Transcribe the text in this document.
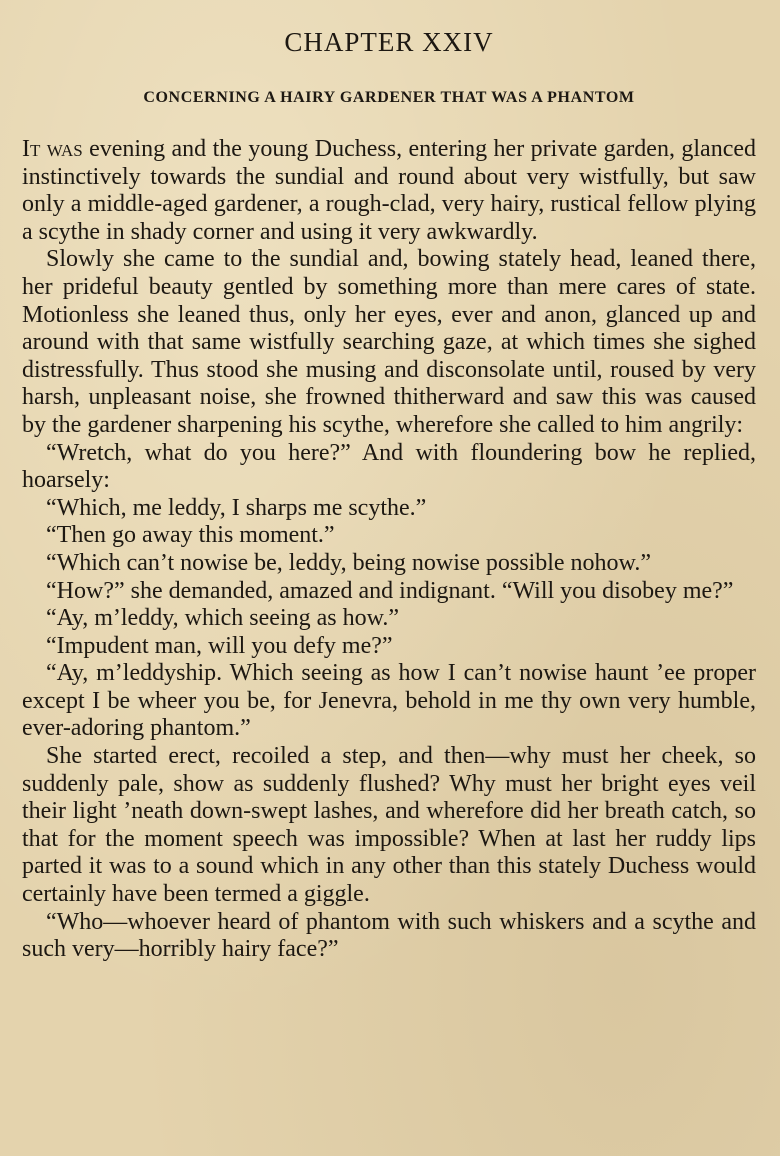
CHAPTER XXIV
CONCERNING A HAIRY GARDENER THAT WAS A PHANTOM

It was evening and the young Duchess, entering her private garden, glanced instinctively towards the sundial and round about very wistfully, but saw only a middle-aged gardener, a rough-clad, very hairy, rustical fellow plying a scythe in shady corner and using it very awkwardly.

Slowly she came to the sundial and, bowing stately head, leaned there, her prideful beauty gentled by something more than mere cares of state. Motionless she leaned thus, only her eyes, ever and anon, glanced up and around with that same wistfully searching gaze, at which times she sighed distressfully. Thus stood she musing and disconsolate until, roused by very harsh, unpleasant noise, she frowned thitherward and saw this was caused by the gardener sharpening his scythe, wherefore she called to him angrily:

“Wretch, what do you here?” And with floundering bow he replied, hoarsely:

“Which, me leddy, I sharps me scythe.”

“Then go away this moment.”

“Which can’t nowise be, leddy, being nowise possible nohow.”

“How?” she demanded, amazed and indignant. “Will you disobey me?”

“Ay, m’leddy, which seeing as how.”

“Impudent man, will you defy me?”

“Ay, m’leddyship. Which seeing as how I can’t nowise haunt ’ee proper except I be wheer you be, for Jenevra, behold in me thy own very humble, ever-adoring phantom.”

She started erect, recoiled a step, and then—why must her cheek, so suddenly pale, show as suddenly flushed? Why must her bright eyes veil their light ’neath down-swept lashes, and wherefore did her breath catch, so that for the moment speech was impossible? When at last her ruddy lips parted it was to a sound which in any other than this stately Duchess would certainly have been termed a giggle.

“Who—whoever heard of phantom with such whiskers and a scythe and such very—horribly hairy face?”
